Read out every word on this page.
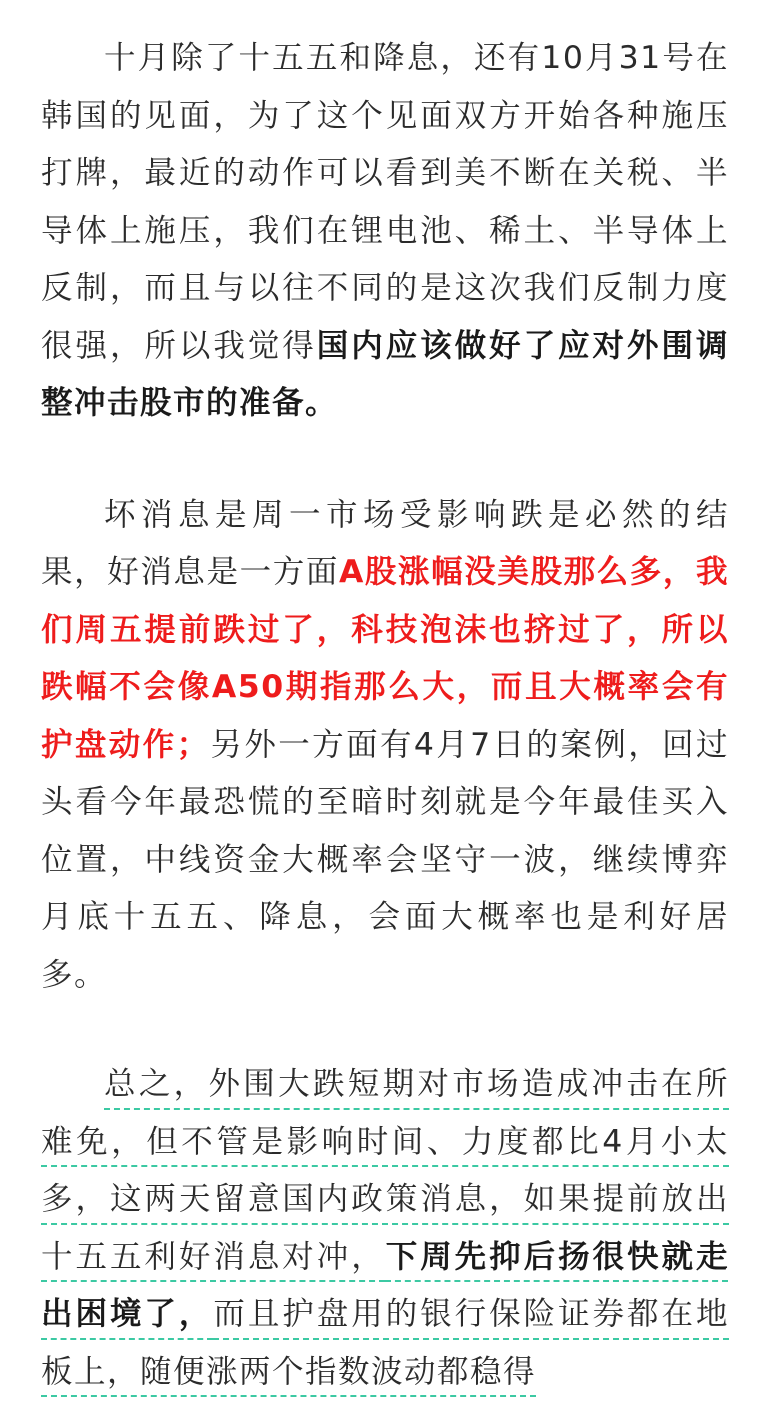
十月除了十五五和降息，还有10月31号在韩国的见面，为了这个见面双方开始各种施压打牌，最近的动作可以看到美不断在关税、半导体上施压，我们在锂电池、稀土、半导体上反制，而且与以往不同的是这次我们反制力度很强，所以我觉得国内应该做好了应对外围调整冲击股市的准备。

坏消息是周一市场受影响跌是必然的结果，好消息是一方面A股涨幅没美股那么多，我们周五提前跌过了，科技泡沫也挤过了，所以跌幅不会像A50期指那么大，而且大概率会有护盘动作；另外一方面有4月7日的案例，回过头看今年最恐慌的至暗时刻就是今年最佳买入位置，中线资金大概率会坚守一波，继续博弈月底十五五、降息，会面大概率也是利好居多。

总之，外围大跌短期对市场造成冲击在所难免，但不管是影响时间、力度都比4月小太多，这两天留意国内政策消息，如果提前放出十五五利好消息对冲，下周先抑后扬很快就走出困境了，而且护盘用的银行保险证券都在地板上，随便涨两个指数波动都稳得
